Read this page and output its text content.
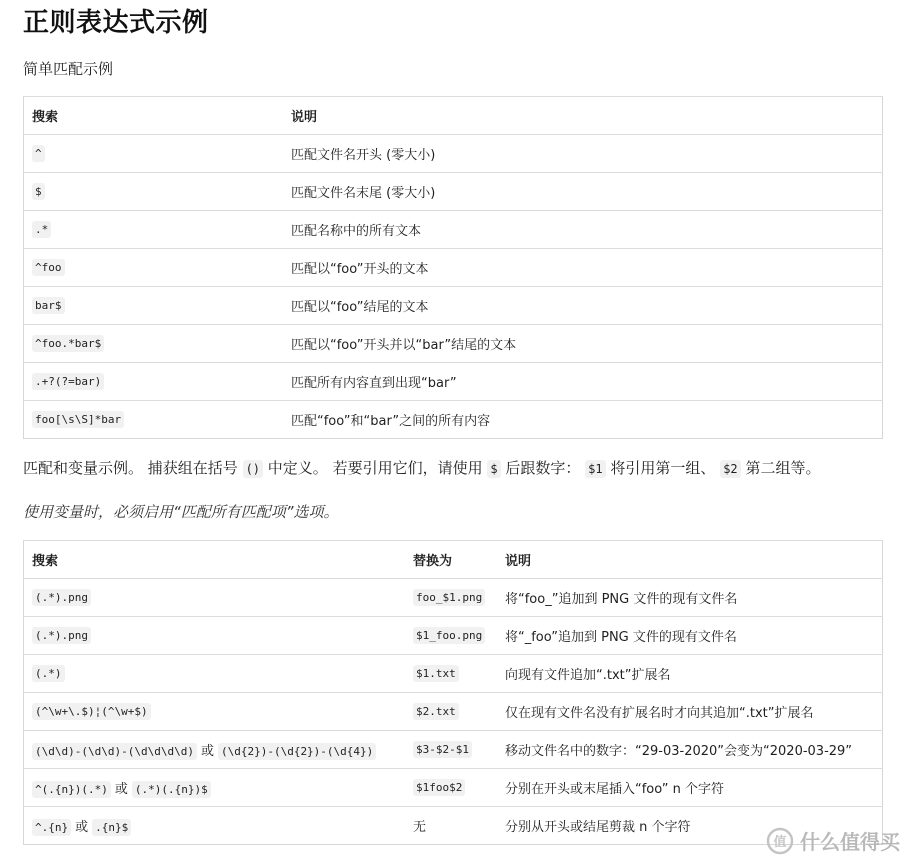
正则表达式示例
简单匹配示例
搜索	说明
^	匹配文件名开头 (零大小)
$	匹配文件名末尾 (零大小)
.*	匹配名称中的所有文本
^foo	匹配以“foo”开头的文本
bar$	匹配以“foo”结尾的文本
^foo.*bar$	匹配以“foo”开头并以“bar”结尾的文本
.+?(?=bar)	匹配所有内容直到出现“bar”
foo[\s\S]*bar	匹配“foo”和“bar”之间的所有内容
匹配和变量示例。 捕获组在括号 () 中定义。 若要引用它们，请使用 $ 后跟数字： $1 将引用第一组、 $2 第二组等。
使用变量时，必须启用“匹配所有匹配项”选项。
搜索	替换为	说明
(.*).png	foo_$1.png	将“foo_”追加到 PNG 文件的现有文件名
(.*).png	$1_foo.png	将“_foo”追加到 PNG 文件的现有文件名
(.*)	$1.txt	向现有文件追加“.txt”扩展名
(^\w+\.$)¦(^\w+$)	$2.txt	仅在现有文件名没有扩展名时才向其追加“.txt”扩展名
(\d\d)-(\d\d)-(\d\d\d\d) 或 (\d{2})-(\d{2})-(\d{4})	$3-$2-$1	移动文件名中的数字：“29-03-2020”会变为“2020-03-29”
^(.{n})(.*) 或 (.*)(.{n})$	$1foo$2	分别在开头或末尾插入“foo” n 个字符
^.{n} 或 .{n}$	无	分别从开头或结尾剪裁 n 个字符
值 什么值得买
